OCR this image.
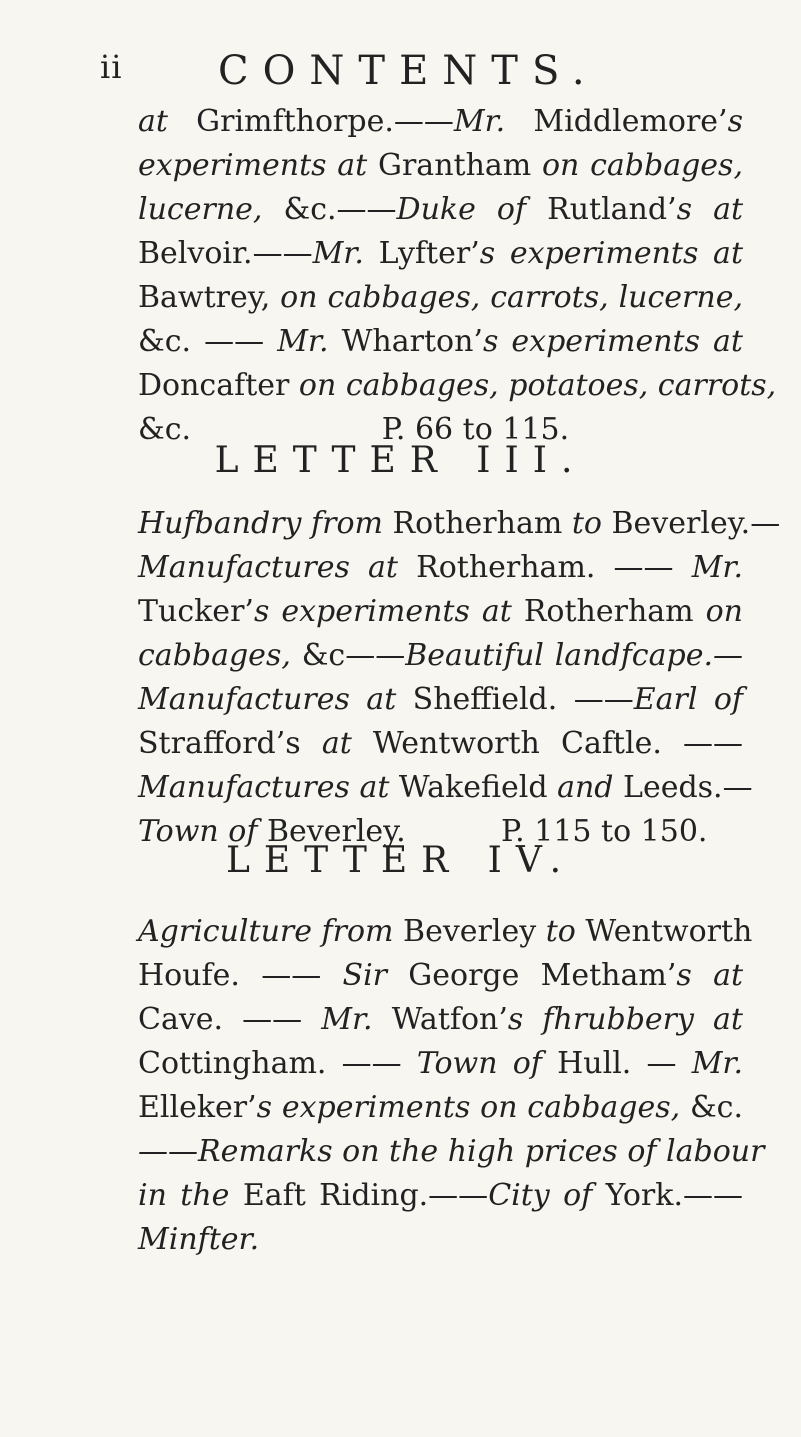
ii CONTENTS.
at Grimfthorpe.——Mr. Middlemore’s
experiments at Grantham on cabbages,
lucerne, &c.——Duke of Rutland’s at
Belvoir.——Mr. Lyfter’s experiments at
Bawtrey, on cabbages, carrots, lucerne,
&c. —— Mr. Wharton’s experiments at
Doncafter on cabbages, potatoes, carrots,
&c.                    P. 66 to 115.
LETTER III.
Hufbandry from Rotherham to Beverley.—
Manufactures at Rotherham. —— Mr.
Tucker’s experiments at Rotherham on
cabbages, &c——Beautiful landfcape.—
Manufactures at Sheffield. ——Earl of
Strafford’s at Wentworth Caftle. ——
Manufactures at Wakefield and Leeds.—
Town of Beverley.          P. 115 to 150.
LETTER IV.
Agriculture from Beverley to Wentworth
Houfe. —— Sir George Metham’s at
Cave. —— Mr. Watfon’s fhrubbery at
Cottingham. —— Town of Hull. — Mr.
Elleker’s experiments on cabbages, &c.
——Remarks on the high prices of labour
in the Eaft Riding.——City of York.——
Minfter.
